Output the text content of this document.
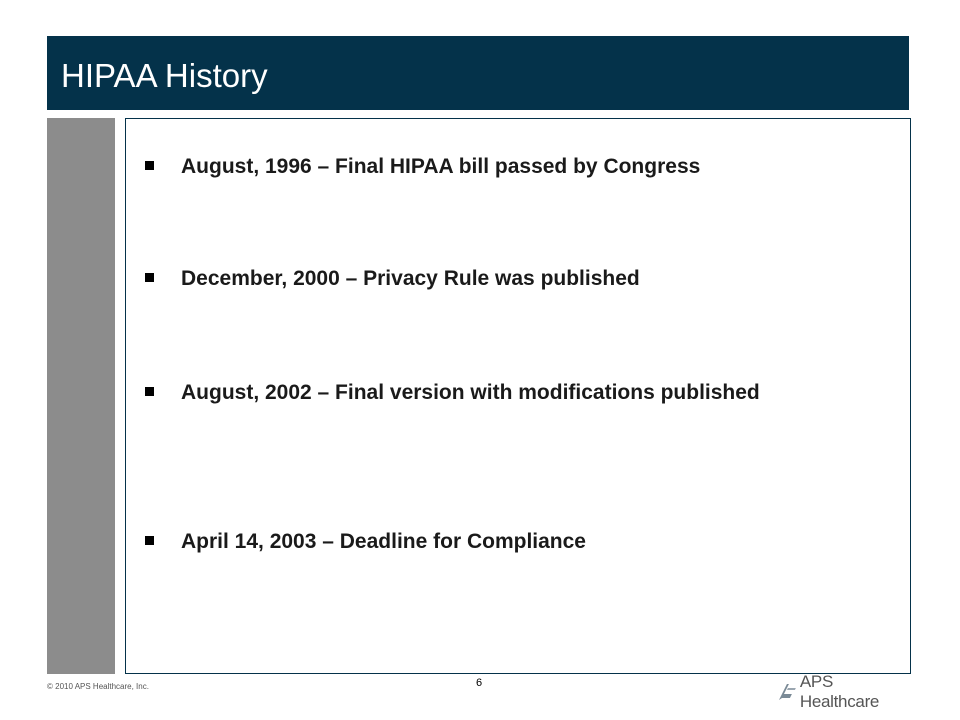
HIPAA History
August, 1996 – Final HIPAA bill passed by Congress
December, 2000 – Privacy Rule was published
August, 2002 – Final version with modifications published
April 14, 2003 – Deadline for Compliance
© 2010 APS Healthcare, Inc.	6	APS Healthcare
